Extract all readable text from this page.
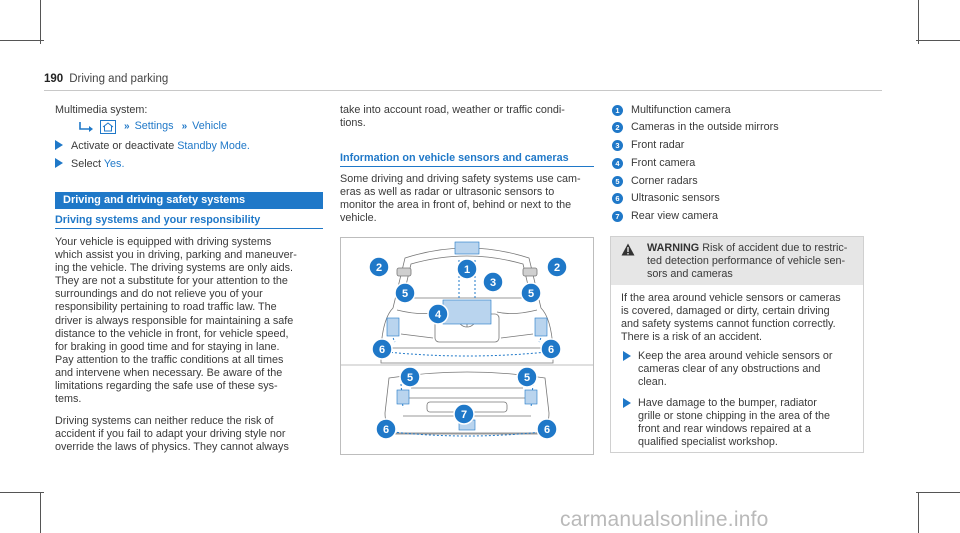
190 Driving and parking
Multimedia system:
» Settings » Vehicle
Activate or deactivate Standby Mode.
Select Yes.
Driving and driving safety systems
Driving systems and your responsibility
Your vehicle is equipped with driving systems
which assist you in driving, parking and maneuver-
ing the vehicle. The driving systems are only aids.
They are not a substitute for your attention to the
surroundings and do not relieve you of your
responsibility pertaining to road traffic law. The
driver is always responsible for maintaining a safe
distance to the vehicle in front, for vehicle speed,
for braking in good time and for staying in lane.
Pay attention to the traffic conditions at all times
and intervene when necessary. Be aware of the
limitations regarding the safe use of these sys-
tems.
Driving systems can neither reduce the risk of
accident if you fail to adapt your driving style nor
override the laws of physics. They cannot always
take into account road, weather or traffic condi-
tions.
Information on vehicle sensors and cameras
Some driving and driving safety systems use cam-
eras as well as radar or ultrasonic sensors to
monitor the area in front of, behind or next to the
vehicle.
1
2	2
3
4
5	5
6	6
5	5
7
6	6
1 Multifunction camera
2 Cameras in the outside mirrors
3 Front radar
4 Front camera
5 Corner radars
6 Ultrasonic sensors
7 Rear view camera
WARNING Risk of accident due to restric-
ted detection performance of vehicle sen-
sors and cameras
If the area around vehicle sensors or cameras
is covered, damaged or dirty, certain driving
and safety systems cannot function correctly.
There is a risk of an accident.
Keep the area around vehicle sensors or
cameras clear of any obstructions and
clean.
Have damage to the bumper, radiator
grille or stone chipping in the area of the
front and rear windows repaired at a
qualified specialist workshop.
carmanualsonline.info
